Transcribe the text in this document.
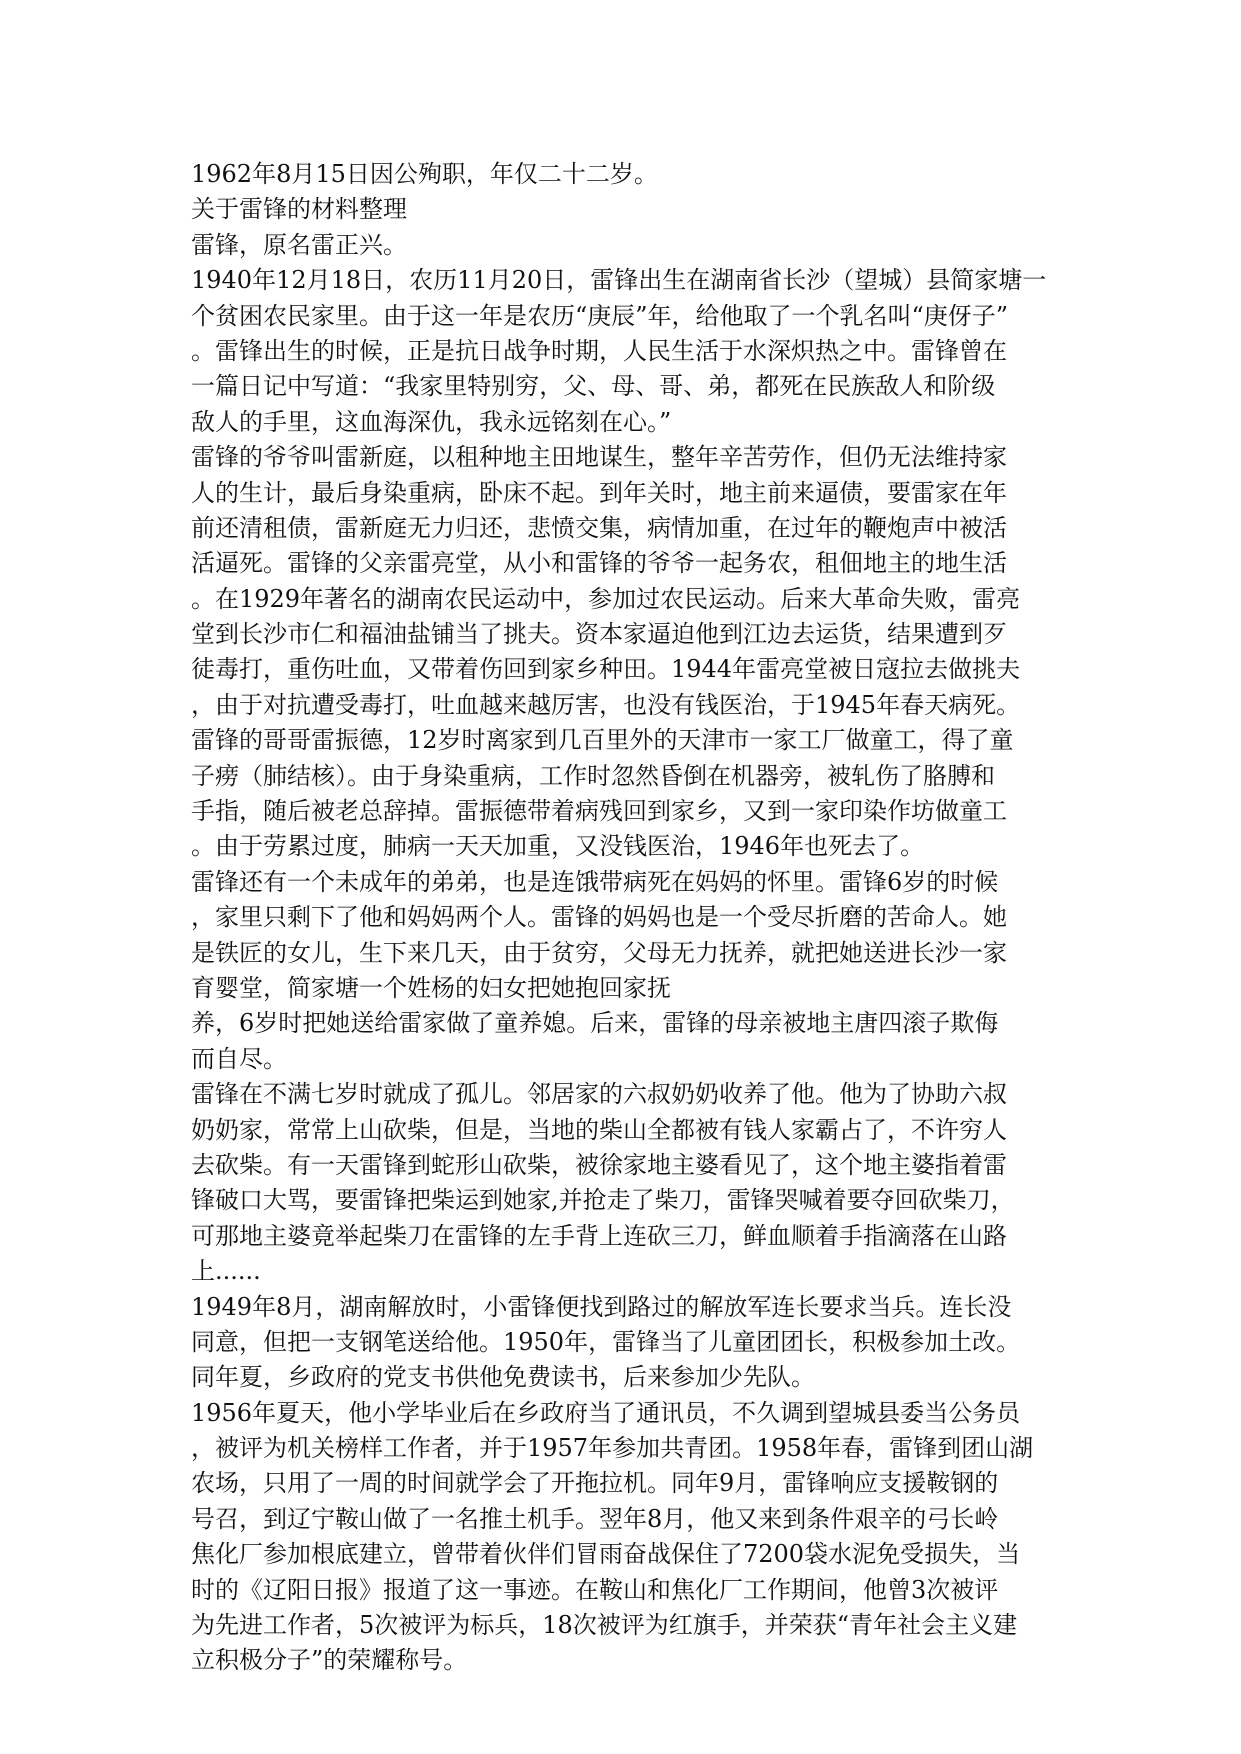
1962年8月15日因公殉职，年仅二十二岁。
关于雷锋的材料整理
雷锋，原名雷正兴。
1940年12月18日，农历11月20日，雷锋出生在湖南省长沙（望城）县简家塘一
个贫困农民家里。由于这一年是农历“庚辰”年，给他取了一个乳名叫“庚伢子”
。雷锋出生的时候，正是抗日战争时期，人民生活于水深炽热之中。雷锋曾在
一篇日记中写道：“我家里特别穷，父、母、哥、弟，都死在民族敌人和阶级
敌人的手里，这血海深仇，我永远铭刻在心。”
雷锋的爷爷叫雷新庭，以租种地主田地谋生，整年辛苦劳作，但仍无法维持家
人的生计，最后身染重病，卧床不起。到年关时，地主前来逼债，要雷家在年
前还清租债，雷新庭无力归还，悲愤交集，病情加重，在过年的鞭炮声中被活
活逼死。雷锋的父亲雷亮堂，从小和雷锋的爷爷一起务农，租佃地主的地生活
。在1929年著名的湖南农民运动中，参加过农民运动。后来大革命失败，雷亮
堂到长沙市仁和福油盐铺当了挑夫。资本家逼迫他到江边去运货，结果遭到歹
徒毒打，重伤吐血，又带着伤回到家乡种田。1944年雷亮堂被日寇拉去做挑夫
，由于对抗遭受毒打，吐血越来越厉害，也没有钱医治，于1945年春天病死。
雷锋的哥哥雷振德，12岁时离家到几百里外的天津市一家工厂做童工，得了童
子痨（肺结核）。由于身染重病，工作时忽然昏倒在机器旁，被轧伤了胳膊和
手指，随后被老总辞掉。雷振德带着病残回到家乡，又到一家印染作坊做童工
。由于劳累过度，肺病一天天加重，又没钱医治，1946年也死去了。
雷锋还有一个未成年的弟弟，也是连饿带病死在妈妈的怀里。雷锋6岁的时候
，家里只剩下了他和妈妈两个人。雷锋的妈妈也是一个受尽折磨的苦命人。她
是铁匠的女儿，生下来几天，由于贫穷，父母无力抚养，就把她送进长沙一家
育婴堂，简家塘一个姓杨的妇女把她抱回家抚
养，6岁时把她送给雷家做了童养媳。后来，雷锋的母亲被地主唐四滚子欺侮
而自尽。
雷锋在不满七岁时就成了孤儿。邻居家的六叔奶奶收养了他。他为了协助六叔
奶奶家，常常上山砍柴，但是，当地的柴山全都被有钱人家霸占了，不许穷人
去砍柴。有一天雷锋到蛇形山砍柴，被徐家地主婆看见了，这个地主婆指着雷
锋破口大骂，要雷锋把柴运到她家,并抢走了柴刀，雷锋哭喊着要夺回砍柴刀，
可那地主婆竟举起柴刀在雷锋的左手背上连砍三刀，鲜血顺着手指滴落在山路
上......
1949年8月，湖南解放时，小雷锋便找到路过的解放军连长要求当兵。连长没
同意，但把一支钢笔送给他。1950年，雷锋当了儿童团团长，积极参加土改。
同年夏，乡政府的党支书供他免费读书，后来参加少先队。
1956年夏天，他小学毕业后在乡政府当了通讯员，不久调到望城县委当公务员
，被评为机关榜样工作者，并于1957年参加共青团。1958年春，雷锋到团山湖
农场，只用了一周的时间就学会了开拖拉机。同年9月，雷锋响应支援鞍钢的
号召，到辽宁鞍山做了一名推土机手。翌年8月，他又来到条件艰辛的弓长岭
焦化厂参加根底建立，曾带着伙伴们冒雨奋战保住了7200袋水泥免受损失，当
时的《辽阳日报》报道了这一事迹。在鞍山和焦化厂工作期间，他曾3次被评
为先进工作者，5次被评为标兵，18次被评为红旗手，并荣获“青年社会主义建
立积极分子”的荣耀称号。
